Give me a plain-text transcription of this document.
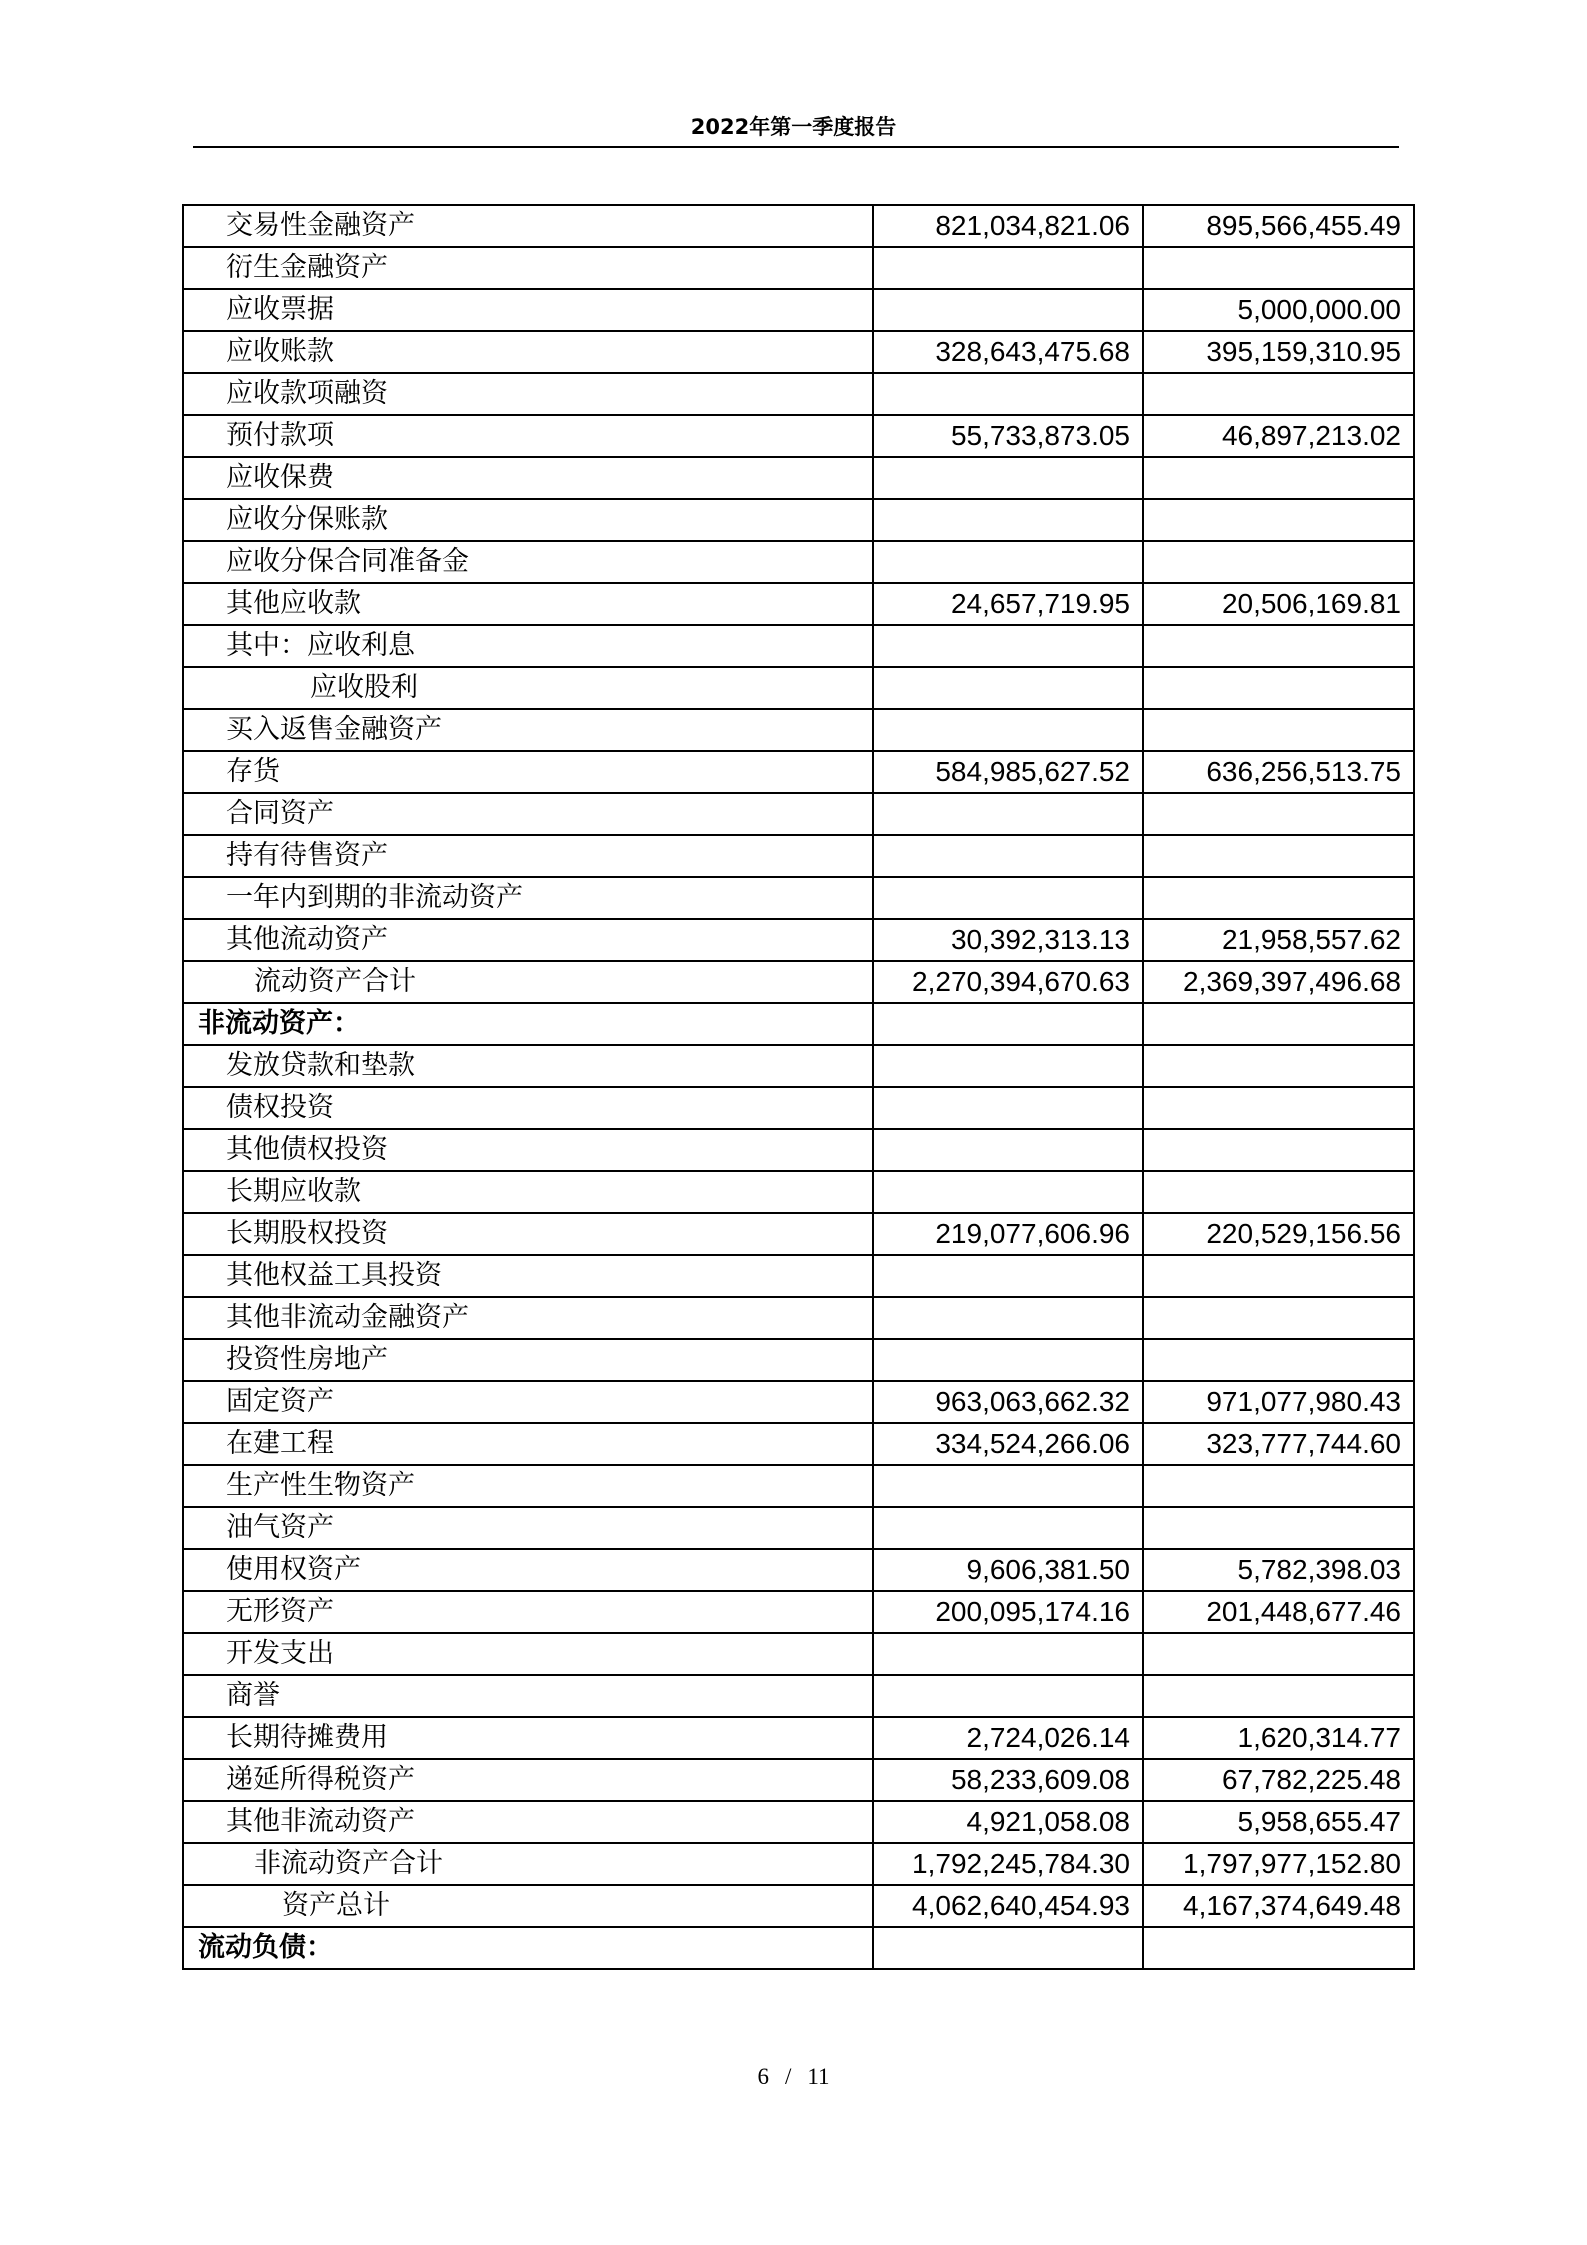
2022年第一季度报告
交易性金融资产	821,034,821.06	895,566,455.49
衍生金融资产		
应收票据		5,000,000.00
应收账款	328,643,475.68	395,159,310.95
应收款项融资		
预付款项	55,733,873.05	46,897,213.02
应收保费		
应收分保账款		
应收分保合同准备金		
其他应收款	24,657,719.95	20,506,169.81
其中：应收利息		
应收股利		
买入返售金融资产		
存货	584,985,627.52	636,256,513.75
合同资产		
持有待售资产		
一年内到期的非流动资产		
其他流动资产	30,392,313.13	21,958,557.62
流动资产合计	2,270,394,670.63	2,369,397,496.68
非流动资产：		
发放贷款和垫款		
债权投资		
其他债权投资		
长期应收款		
长期股权投资	219,077,606.96	220,529,156.56
其他权益工具投资		
其他非流动金融资产		
投资性房地产		
固定资产	963,063,662.32	971,077,980.43
在建工程	334,524,266.06	323,777,744.60
生产性生物资产		
油气资产		
使用权资产	9,606,381.50	5,782,398.03
无形资产	200,095,174.16	201,448,677.46
开发支出		
商誉		
长期待摊费用	2,724,026.14	1,620,314.77
递延所得税资产	58,233,609.08	67,782,225.48
其他非流动资产	4,921,058.08	5,958,655.47
非流动资产合计	1,792,245,784.30	1,797,977,152.80
资产总计	4,062,640,454.93	4,167,374,649.48
流动负债：		
6 / 11
